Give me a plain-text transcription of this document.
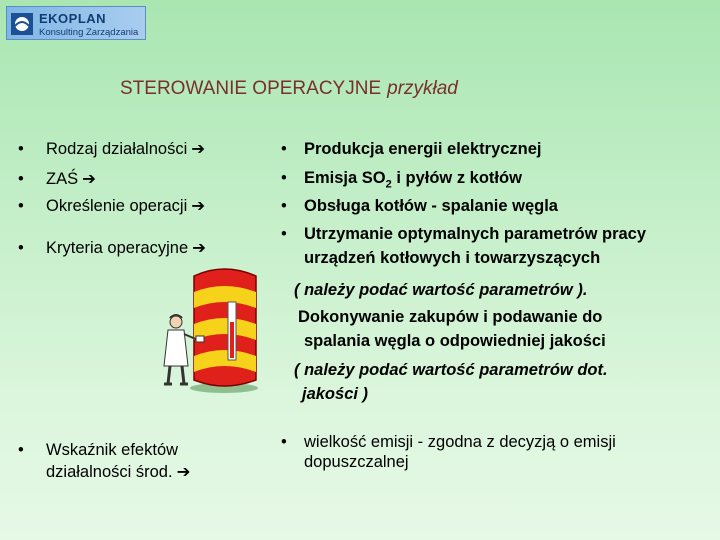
EKOPLAN
Konsulting Zarządzania
STEROWANIE OPERACYJNE przykład
• Rodzaj działalności ➔
• ZAŚ ➔
• Określenie operacji ➔
• Kryteria operacyjne ➔
• Wskaźnik efektów
działalności środ. ➔
• Produkcja energii elektrycznej
• Emisja $SO_2$ i pyłów z kotłów
• Obsługa kotłów - spalanie węgla
• Utrzymanie optymalnych parametrów pracy
urządzeń kotłowych i towarzyszących
( należy podać wartość parametrów ).
Dokonywanie zakupów i podawanie do
spalania węgla o odpowiedniej jakości
( należy podać wartość parametrów dot.
jakości )
• wielkość emisji - zgodna z decyzją o emisji
dopuszczalnej
